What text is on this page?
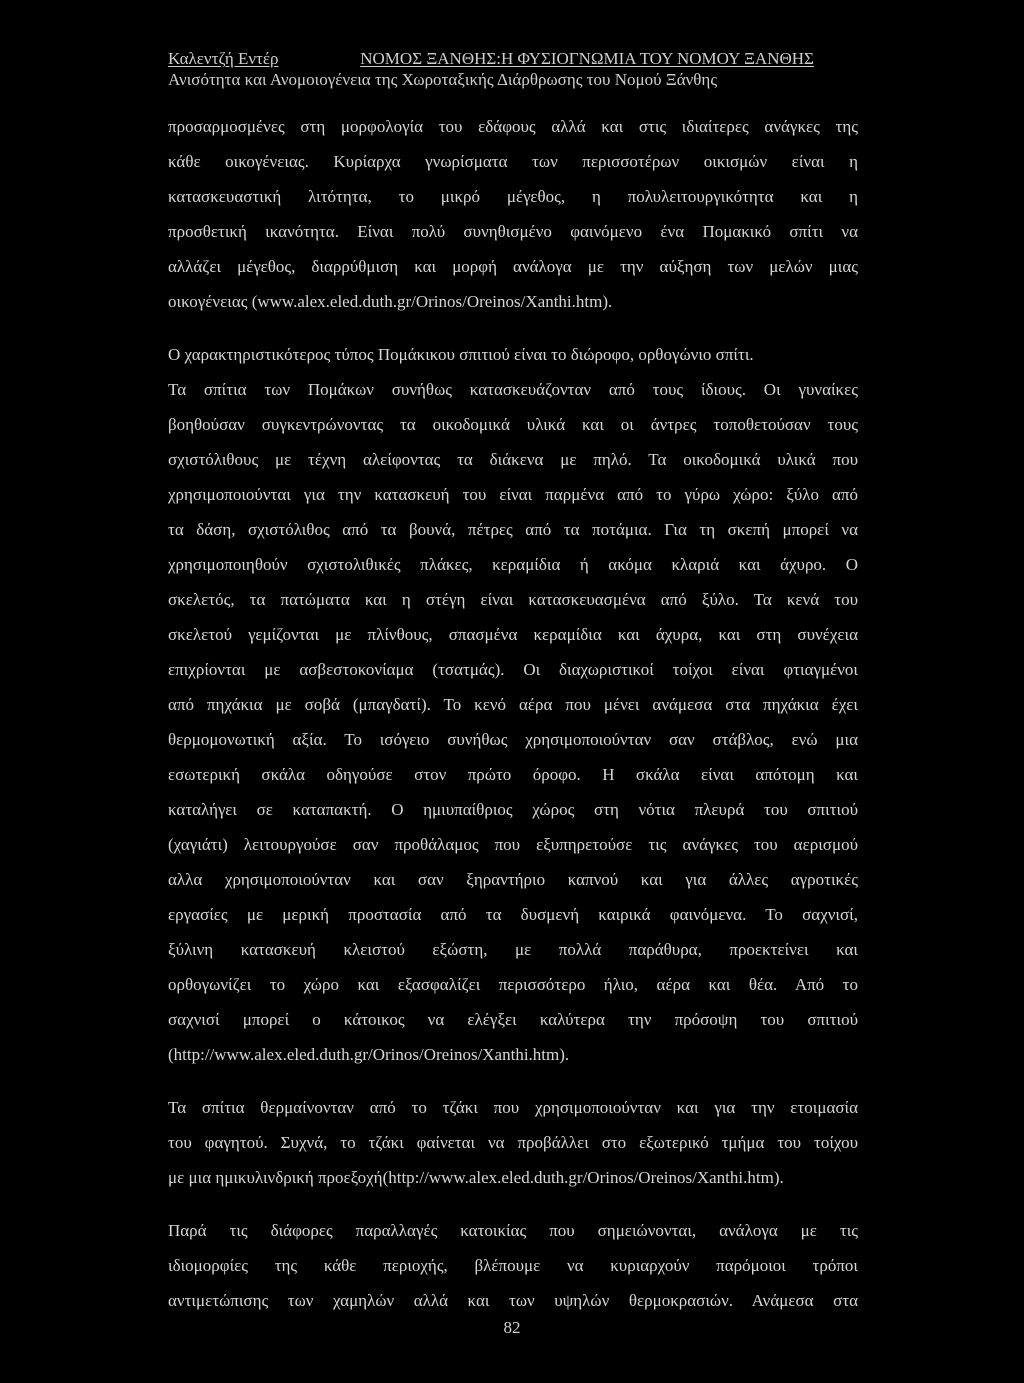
Καλεντζή Εντέρ	ΝΟΜΟΣ ΞΑΝΘΗΣ:Η ΦΥΣΙΟΓΝΩΜΙΑ ΤΟΥ ΝΟΜΟΥ ΞΑΝΘΗΣ
Ανισότητα και Ανομοιογένεια της Χωροταξικής Διάρθρωσης του Νομού Ξάνθης
προσαρμοσμένες στη μορφολογία του εδάφους αλλά και στις ιδιαίτερες ανάγκες της
κάθε οικογένειας. Κυρίαρχα γνωρίσματα των περισσοτέρων οικισμών είναι η
κατασκευαστική λιτότητα, το μικρό μέγεθος, η πολυλειτουργικότητα και η
προσθετική ικανότητα. Είναι πολύ συνηθισμένο φαινόμενο ένα Πομακικό σπίτι να
αλλάζει μέγεθος, διαρρύθμιση και μορφή ανάλογα με την αύξηση των μελών μιας
οικογένειας (www.alex.eled.duth.gr/Orinos/Oreinos/Xanthi.htm).
Ο χαρακτηριστικότερος τύπος Πομάκικου σπιτιού είναι το διώροφο, ορθογώνιο σπίτι.
Τα σπίτια των Πομάκων συνήθως κατασκευάζονταν από τους ίδιους. Οι γυναίκες
βοηθούσαν συγκεντρώνοντας τα οικοδομικά υλικά και οι άντρες τοποθετούσαν τους
σχιστόλιθους με τέχνη αλείφοντας τα διάκενα με πηλό. Τα οικοδομικά υλικά που
χρησιμοποιούνται για την κατασκευή του είναι παρμένα από το γύρω χώρο: ξύλο από
τα δάση, σχιστόλιθος από τα βουνά, πέτρες από τα ποτάμια. Για τη σκεπή μπορεί να
χρησιμοποιηθούν σχιστολιθικές πλάκες, κεραμίδια ή ακόμα κλαριά και άχυρο. Ο
σκελετός, τα πατώματα και η στέγη είναι κατασκευασμένα από ξύλο. Τα κενά του
σκελετού γεμίζονται με πλίνθους, σπασμένα κεραμίδια και άχυρα, και στη συνέχεια
επιχρίονται με ασβεστοκονίαμα (τσατμάς). Οι διαχωριστικοί τοίχοι είναι φτιαγμένοι
από πηχάκια με σοβά (μπαγδατί). Το κενό αέρα που μένει ανάμεσα στα πηχάκια έχει
θερμομονωτική αξία. Το ισόγειο συνήθως χρησιμοποιούνταν σαν στάβλος, ενώ μια
εσωτερική σκάλα οδηγούσε στον πρώτο όροφο. Η σκάλα είναι απότομη και
καταλήγει σε καταπακτή. Ο ημιυπαίθριος χώρος στη νότια πλευρά του σπιτιού
(χαγιάτι) λειτουργούσε σαν προθάλαμος που εξυπηρετούσε τις ανάγκες του αερισμού
αλλα χρησιμοποιούνταν και σαν ξηραντήριο καπνού και για άλλες αγροτικές
εργασίες με μερική προστασία από τα δυσμενή καιρικά φαινόμενα. Το σαχνισί,
ξύλινη κατασκευή κλειστού εξώστη, με πολλά παράθυρα, προεκτείνει και
ορθογωνίζει το χώρο και εξασφαλίζει περισσότερο ήλιο, αέρα και θέα. Από το
σαχνισί μπορεί ο κάτοικος να ελέγξει καλύτερα την πρόσοψη του σπιτιού
(http://www.alex.eled.duth.gr/Orinos/Oreinos/Xanthi.htm).
Τα σπίτια θερμαίνονταν από το τζάκι που χρησιμοποιούνταν και για την ετοιμασία
του φαγητού. Συχνά, το τζάκι φαίνεται να προβάλλει στο εξωτερικό τμήμα του τοίχου
με μια ημικυλινδρική προεξοχή(http://www.alex.eled.duth.gr/Orinos/Oreinos/Xanthi.htm).
Παρά τις διάφορες παραλλαγές κατοικίας που σημειώνονται, ανάλογα με τις
ιδιομορφίες της κάθε περιοχής, βλέπουμε να κυριαρχούν παρόμοιοι τρόποι
αντιμετώπισης των χαμηλών αλλά και των υψηλών θερμοκρασιών. Ανάμεσα στα
82
